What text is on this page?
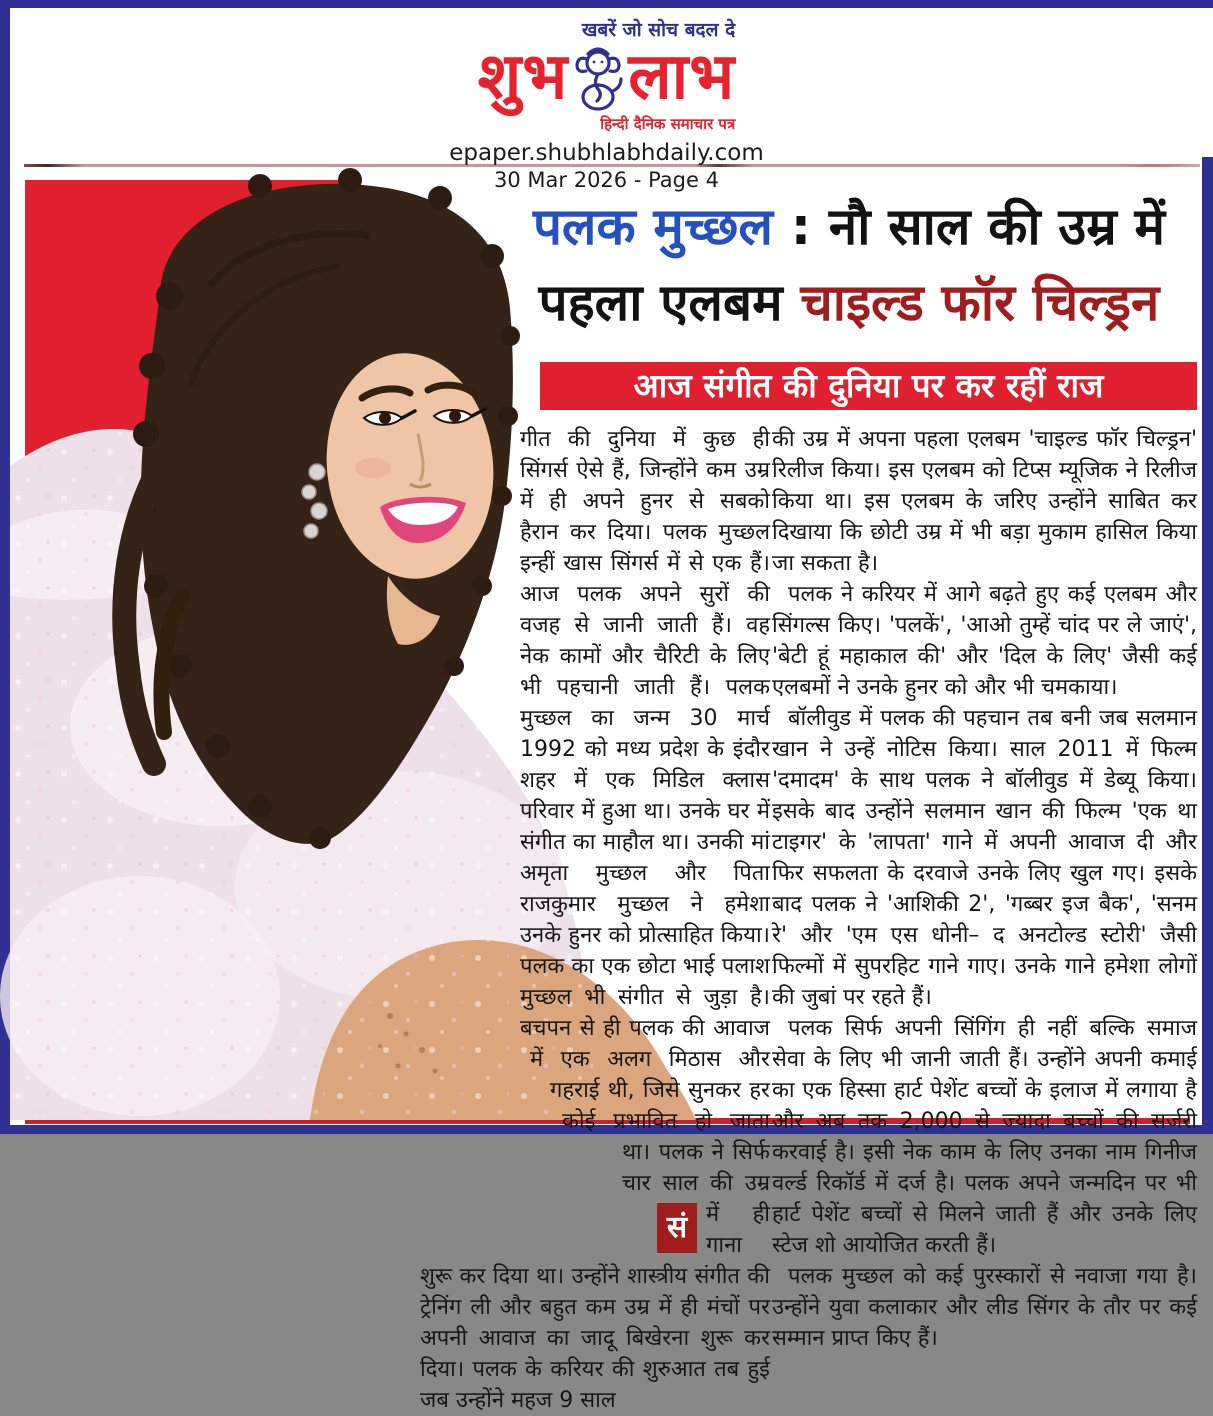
खबरें जो सोच बदल दे
शुभ लाभ
हिन्दी दैनिक समाचार पत्र
epaper.shubhlabhdaily.com
30 Mar 2026 - Page 4
पलक मुच्छल : नौ साल की उम्र में
पहला एलबम चाइल्ड फॉर चिल्ड्रन
आज संगीत की दुनिया पर कर रहीं राज
सं
गीत की दुनिया में कुछ ही सिंगर्स ऐसे हैं, जिन्होंने कम उम्र में ही अपने हुनर से सबको हैरान कर दिया। पलक मुच्छल इन्हीं खास सिंगर्स में से एक हैं। आज पलक अपने सुरों की वजह से जानी जाती हैं। वह नेक कामों और चैरिटी के लिए भी पहचानी जाती हैं। पलक मुच्छल का जन्म 30 मार्च 1992 को मध्य प्रदेश के इंदौर शहर में एक मिडिल क्लास परिवार में हुआ था। उनके घर में संगीत का माहौल था। उनकी मां अमृता मुच्छल और पिता राजकुमार मुच्छल ने हमेशा उनके हुनर को प्रोत्साहित किया। पलक का एक छोटा भाई पलाश मुच्छल भी संगीत से जुड़ा है। बचपन से ही पलक की आवाज में एक अलग मिठास और गहराई थी, जिसे सुनकर हर कोई प्रभावित हो जाता था। पलक ने सिर्फ चार साल की उम्र में ही गाना शुरू कर दिया था। उन्होंने शास्त्रीय संगीत की ट्रेनिंग ली और बहुत कम उम्र में ही मंचों पर अपनी आवाज का जादू बिखेरना शुरू कर दिया। पलक के करियर की शुरुआत तब हुई जब उन्होंने महज 9 साल

की उम्र में अपना पहला एलबम 'चाइल्ड फॉर चिल्ड्रन' रिलीज किया। इस एलबम को टिप्स म्यूजिक ने रिलीज किया था। इस एलबम के जरिए उन्होंने साबित कर दिखाया कि छोटी उम्र में भी बड़ा मुकाम हासिल किया जा सकता है।

पलक ने करियर में आगे बढ़ते हुए कई एलबम और सिंगल्स किए। 'पलकें', 'आओ तुम्हें चांद पर ले जाएं', 'बेटी हूं महाकाल की' और 'दिल के लिए' जैसी कई एलबमों ने उनके हुनर को और भी चमकाया।

बॉलीवुड में पलक की पहचान तब बनी जब सलमान खान ने उन्हें नोटिस किया। साल 2011 में फिल्म 'दमादम' के साथ पलक ने बॉलीवुड में डेब्यू किया। इसके बाद उन्होंने सलमान खान की फिल्म 'एक था टाइगर' के 'लापता' गाने में अपनी आवाज दी और फिर सफलता के दरवाजे उनके लिए खुल गए। इसके बाद पलक ने 'आशिकी 2', 'गब्बर इज बैक', 'सनम रे' और 'एम एस धोनी– द अनटोल्ड स्टोरी' जैसी फिल्मों में सुपरहिट गाने गाए। उनके गाने हमेशा लोगों की जुबां पर रहते हैं।

पलक सिर्फ अपनी सिंगिंग ही नहीं बल्कि समाज सेवा के लिए भी जानी जाती हैं। उन्होंने अपनी कमाई का एक हिस्सा हार्ट पेशेंट बच्चों के इलाज में लगाया है और अब तक 2,000 से ज्यादा बच्चों की सर्जरी करवाई है। इसी नेक काम के लिए उनका नाम गिनीज वर्ल्ड रिकॉर्ड में दर्ज है। पलक अपने जन्मदिन पर भी हार्ट पेशेंट बच्चों से मिलने जाती हैं और उनके लिए स्टेज शो आयोजित करती हैं।

पलक मुच्छल को कई पुरस्कारों से नवाजा गया है। उन्होंने युवा कलाकार और लीड सिंगर के तौर पर कई सम्मान प्राप्त किए हैं।
